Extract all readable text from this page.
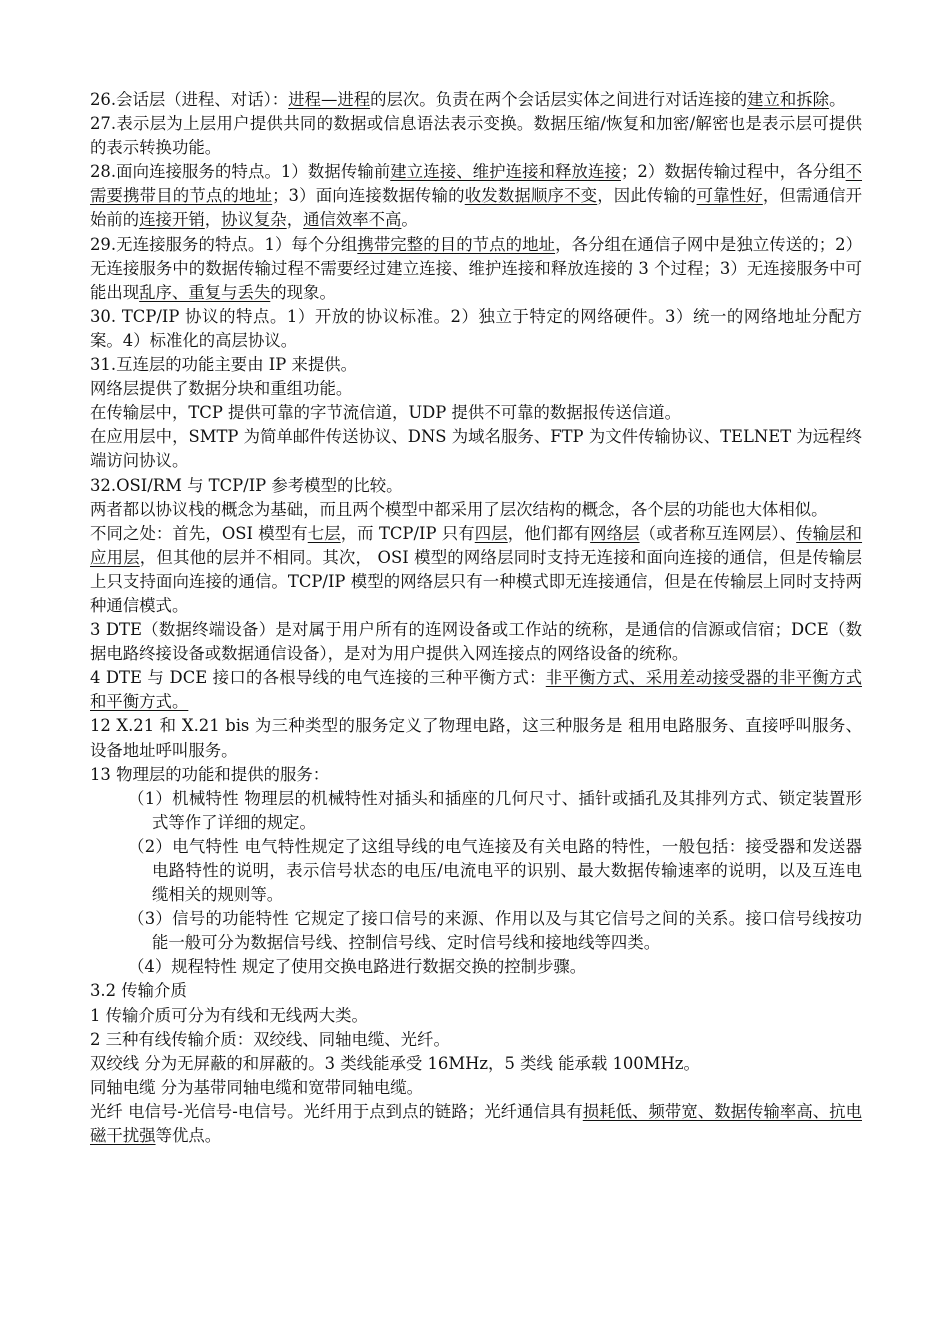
26.会话层（进程、对话）：进程—进程的层次。负责在两个会话层实体之间进行对话连接的建立和拆除。

27.表示层为上层用户提供共同的数据或信息语法表示变换。数据压缩/恢复和加密/解密也是表示层可提供的表示转换功能。

28.面向连接服务的特点。1）数据传输前建立连接、维护连接和释放连接；2）数据传输过程中，各分组不需要携带目的节点的地址；3）面向连接数据传输的收发数据顺序不变，因此传输的可靠性好，但需通信开始前的连接开销，协议复杂，通信效率不高。

29.无连接服务的特点。1）每个分组携带完整的目的节点的地址，各分组在通信子网中是独立传送的；2）无连接服务中的数据传输过程不需要经过建立连接、维护连接和释放连接的 3 个过程；3）无连接服务中可能出现乱序、重复与丢失的现象。

30. TCP/IP 协议的特点。1）开放的协议标准。2）独立于特定的网络硬件。3）统一的网络地址分配方案。4）标准化的高层协议。

31.互连层的功能主要由 IP 来提供。

网络层提供了数据分块和重组功能。

在传输层中，TCP 提供可靠的字节流信道，UDP 提供不可靠的数据报传送信道。

在应用层中，SMTP 为简单邮件传送协议、DNS 为域名服务、FTP 为文件传输协议、TELNET 为远程终端访问协议。

32.OSI/RM 与 TCP/IP 参考模型的比较。

两者都以协议栈的概念为基础，而且两个模型中都采用了层次结构的概念，各个层的功能也大体相似。

不同之处：首先，OSI 模型有七层，而 TCP/IP 只有四层，他们都有网络层（或者称互连网层）、传输层和应用层，但其他的层并不相同。其次， OSI 模型的网络层同时支持无连接和面向连接的通信，但是传输层上只支持面向连接的通信。TCP/IP 模型的网络层只有一种模式即无连接通信，但是在传输层上同时支持两种通信模式。

3 DTE（数据终端设备）是对属于用户所有的连网设备或工作站的统称，是通信的信源或信宿；DCE（数据电路终接设备或数据通信设备），是对为用户提供入网连接点的网络设备的统称。

4 DTE 与 DCE 接口的各根导线的电气连接的三种平衡方式：非平衡方式、采用差动接受器的非平衡方式和平衡方式。

12 X.21 和 X.21 bis 为三种类型的服务定义了物理电路，这三种服务是 租用电路服务、直接呼叫服务、设备地址呼叫服务。

13 物理层的功能和提供的服务：

（1）机械特性 物理层的机械特性对插头和插座的几何尺寸、插针或插孔及其排列方式、锁定装置形式等作了详细的规定。

（2）电气特性 电气特性规定了这组导线的电气连接及有关电路的特性，一般包括：接受器和发送器电路特性的说明，表示信号状态的电压/电流电平的识别、最大数据传输速率的说明，以及互连电缆相关的规则等。

（3）信号的功能特性 它规定了接口信号的来源、作用以及与其它信号之间的关系。接口信号线按功能一般可分为数据信号线、控制信号线、定时信号线和接地线等四类。

（4）规程特性 规定了使用交换电路进行数据交换的控制步骤。

3.2 传输介质

1 传输介质可分为有线和无线两大类。

2 三种有线传输介质：双绞线、同轴电缆、光纤。

双绞线 分为无屏蔽的和屏蔽的。3 类线能承受 16MHz，5 类线 能承载 100MHz。

同轴电缆 分为基带同轴电缆和宽带同轴电缆。

光纤 电信号-光信号-电信号。光纤用于点到点的链路；光纤通信具有损耗低、频带宽、数据传输率高、抗电磁干扰强等优点。
